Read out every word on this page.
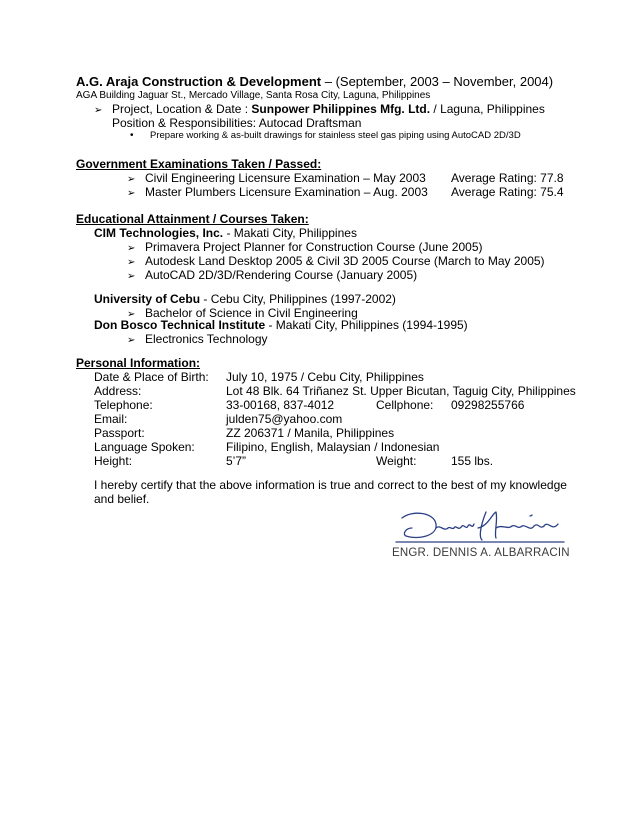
A.G. Araja Construction & Development – (September, 2003 – November, 2004)
AGA Building Jaguar St., Mercado Village, Santa Rosa City, Laguna, Philippines
➢ Project, Location & Date : Sunpower Philippines Mfg. Ltd. / Laguna, Philippines
Position & Responsibilities: Autocad Draftsman
• Prepare working & as-built drawings for stainless steel gas piping using AutoCAD 2D/3D
Government Examinations Taken / Passed:
➢ Civil Engineering Licensure Examination – May 2003 Average Rating: 77.8
➢ Master Plumbers Licensure Examination – Aug. 2003 Average Rating: 75.4
Educational Attainment / Courses Taken:
CIM Technologies, Inc. - Makati City, Philippines
➢ Primavera Project Planner for Construction Course (June 2005)
➢ Autodesk Land Desktop 2005 & Civil 3D 2005 Course (March to May 2005)
➢ AutoCAD 2D/3D/Rendering Course (January 2005)
University of Cebu - Cebu City, Philippines (1997-2002)
➢ Bachelor of Science in Civil Engineering
Don Bosco Technical Institute - Makati City, Philippines (1994-1995)
➢ Electronics Technology
Personal Information:
Date & Place of Birth: July 10, 1975 / Cebu City, Philippines
Address:	Lot 48 Blk. 64 Triñanez St. Upper Bicutan, Taguig City, Philippines
Telephone:	33-00168, 837-4012	Cellphone: 09298255766
Email:	julden75@yahoo.com
Passport:	ZZ 206371 / Manila, Philippines
Language Spoken:	Filipino, English, Malaysian / Indonesian
Height:	5’7”	Weight:	155 lbs.
I hereby certify that the above information is true and correct to the best of my knowledge
and belief.
ENGR. DENNIS A. ALBARRACIN
